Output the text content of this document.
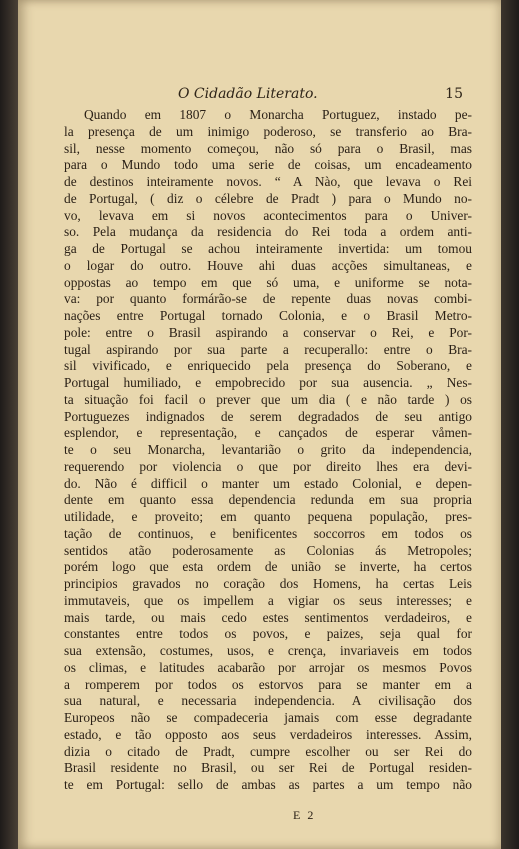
O Cidadão Literato.	15
Quando em 1807 o Monarcha Portuguez, instado pe-
la presença de um inimigo poderoso, se transferio ao Bra-
sil, nesse momento começou, não só para o Brasil, mas
para o Mundo todo uma serie de coisas, um encadeamento
de destinos inteiramente novos. “ A Nào, que levava o Rei
de Portugal, ( diz o célebre de Pradt ) para o Mundo no-
vo, levava em si novos acontecimentos para o Univer-
so. Pela mudança da residencia do Rei toda a ordem anti-
ga de Portugal se achou inteiramente invertida: um tomou
o logar do outro. Houve ahi duas acções simultaneas, e
oppostas ao tempo em que só uma, e uniforme se nota-
va: por quanto formárão-se de repente duas novas combi-
nações entre Portugal tornado Colonia, e o Brasil Metro-
pole: entre o Brasil aspirando a conservar o Rei, e Por-
tugal aspirando por sua parte a recuperallo: entre o Bra-
sil vivificado, e enriquecido pela presença do Soberano, e
Portugal humiliado, e empobrecido por sua ausencia. „ Nes-
ta situação foi facil o prever que um dia ( e não tarde ) os
Portuguezes indignados de serem degradados de seu antigo
esplendor, e representação, e cançados de esperar våmen-
te o seu Monarcha, levantarião o grito da independencia,
requerendo por violencia o que por direito lhes era devi-
do. Não é difficil o manter um estado Colonial, e depen-
dente em quanto essa dependencia redunda em sua propria
utilidade, e proveito; em quanto pequena população, pres-
tação de continuos, e benificentes soccorros em todos os
sentidos atão poderosamente as Colonias ás Metropoles;
porém logo que esta ordem de união se inverte, ha certos
principios gravados no coração dos Homens, ha certas Leis
immutaveis, que os impellem a vigiar os seus interesses; e
mais tarde, ou mais cedo estes sentimentos verdadeiros, e
constantes entre todos os povos, e paizes, seja qual for
sua extensão, costumes, usos, e crença, invariaveis em todos
os climas, e latitudes acabarão por arrojar os mesmos Povos
a romperem por todos os estorvos para se manter em a
sua natural, e necessaria independencia. A civilisação dos
Europeos não se compadeceria jamais com esse degradante
estado, e tão opposto aos seus verdadeiros interesses. Assim,
dizia o citado de Pradt, cumpre escolher ou ser Rei do
Brasil residente no Brasil, ou ser Rei de Portugal residen-
te em Portugal: sello de ambas as partes a um tempo não
E 2
